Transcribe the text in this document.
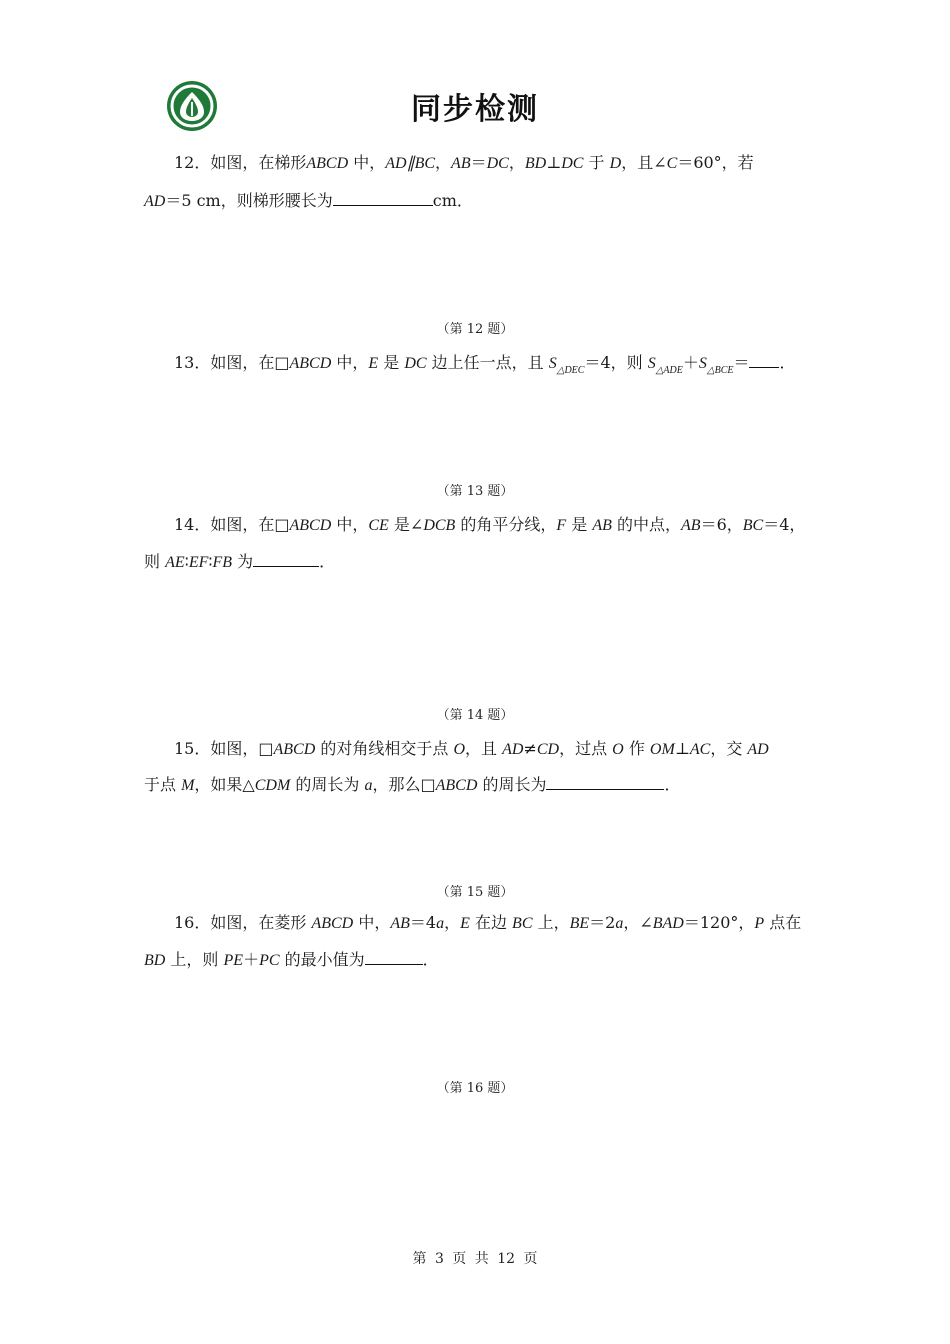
同步检测
12．如图，在梯形ABCD 中，AD∥BC，AB＝DC，BD⊥DC 于 D，且∠C＝60°，若
AD＝5 cm，则梯形腰长为	cm．
（第 12 题）
13．如图，在□ABCD 中，E 是 DC 边上任一点，且 $S_{\triangle DEC}=4$，则 $S_{\triangle ADE}+S_{\triangle BCE}=$ ．
（第 13 题）
14．如图，在□ABCD 中，CE 是∠DCB 的角平分线，F 是 AB 的中点，AB＝6，BC＝4，
则 AE∶EF∶FB 为	．
（第 14 题）
15．如图，□ABCD 的对角线相交于点 O，且 AD≠CD，过点 O 作 OM⊥AC，交 AD
于点 M，如果△CDM 的周长为 a，那么□ABCD 的周长为	．
（第 15 题）
16．如图，在菱形 ABCD 中，AB＝4a，E 在边 BC 上，BE＝2a，∠BAD＝120°，P 点在
BD 上，则 PE＋PC 的最小值为	．
（第 16 题）
第 3 页 共 12 页
